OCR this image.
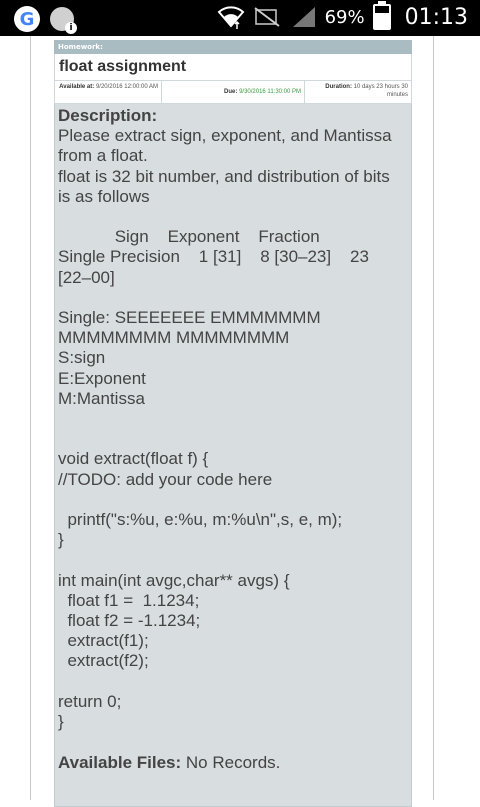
G
i	69% 01:13
Homework:
float assignment
Available at: 9/20/2016 12:00:00 AM
Due: 9/30/2016 11:30:00 PM
Duration: 10 days 23 hours 30 minutes
Description:
Please extract sign, exponent, and Mantissa
from a float.
float is 32 bit number, and distribution of bits
is as follows

Sign    Exponent    Fraction
Single Precision    1 [31]    8 [30–23]    23
[22–00]

Single: SEEEEEEE EMMMMMMM
MMMMMMMM MMMMMMMM
S:sign
E:Exponent
M:Mantissa

void extract(float f) {
//TODO: add your code here

printf("s:%u, e:%u, m:%u\n",s, e, m);
}

int main(int avgc,char** avgs) {
float f1 =  1.1234;
float f2 = -1.1234;
extract(f1);
extract(f2);

return 0;
}

Available Files: No Records.
